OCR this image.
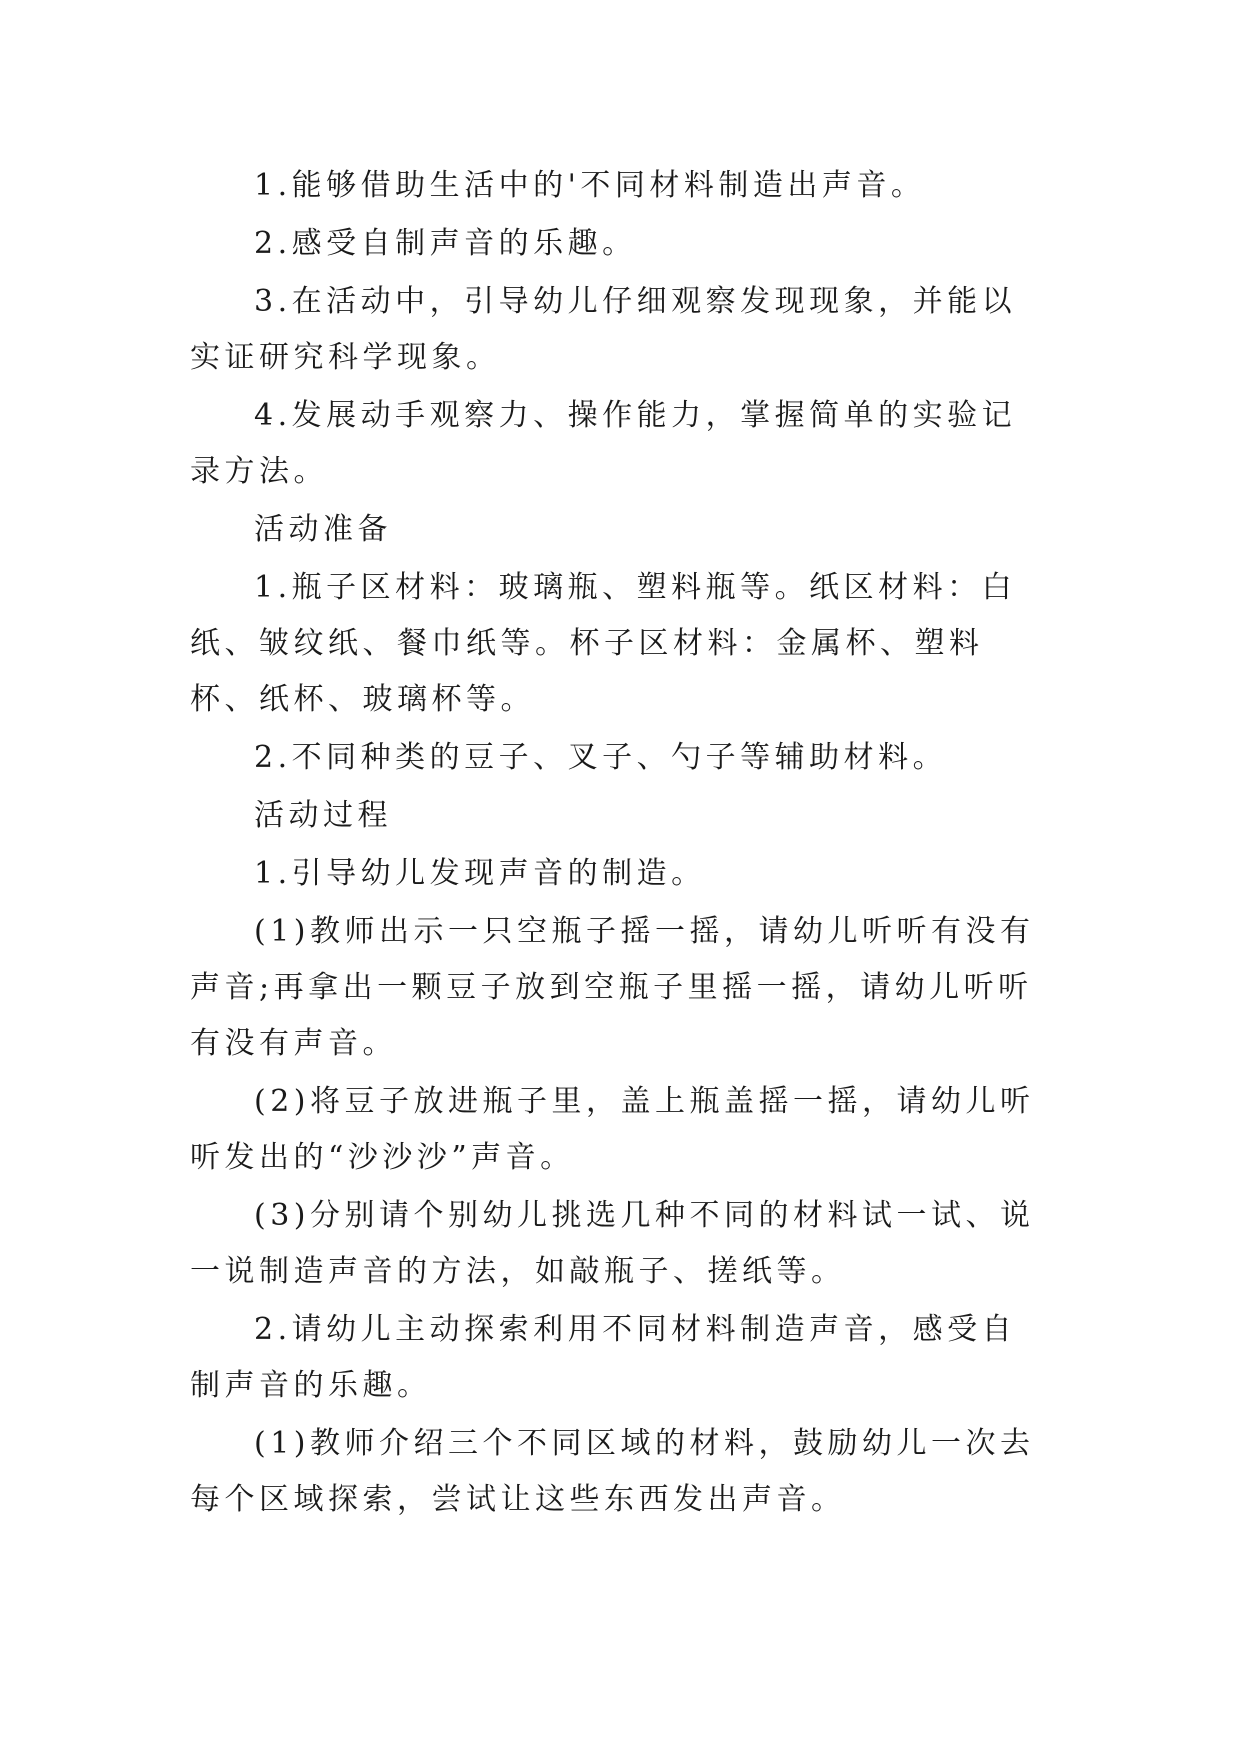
1.能够借助生活中的'不同材料制造出声音。

2.感受自制声音的乐趣。

3.在活动中，引导幼儿仔细观察发现现象，并能以实证研究科学现象。

4.发展动手观察力、操作能力，掌握简单的实验记录方法。

活动准备

1.瓶子区材料：玻璃瓶、塑料瓶等。纸区材料：白纸、皱纹纸、餐巾纸等。杯子区材料：金属杯、塑料杯、纸杯、玻璃杯等。

2.不同种类的豆子、叉子、勺子等辅助材料。

活动过程

1.引导幼儿发现声音的制造。

(1)教师出示一只空瓶子摇一摇，请幼儿听听有没有声音;再拿出一颗豆子放到空瓶子里摇一摇，请幼儿听听有没有声音。

(2)将豆子放进瓶子里，盖上瓶盖摇一摇，请幼儿听听发出的“沙沙沙”声音。

(3)分别请个别幼儿挑选几种不同的材料试一试、说一说制造声音的方法，如敲瓶子、搓纸等。

2.请幼儿主动探索利用不同材料制造声音，感受自制声音的乐趣。

(1)教师介绍三个不同区域的材料，鼓励幼儿一次去每个区域探索，尝试让这些东西发出声音。
